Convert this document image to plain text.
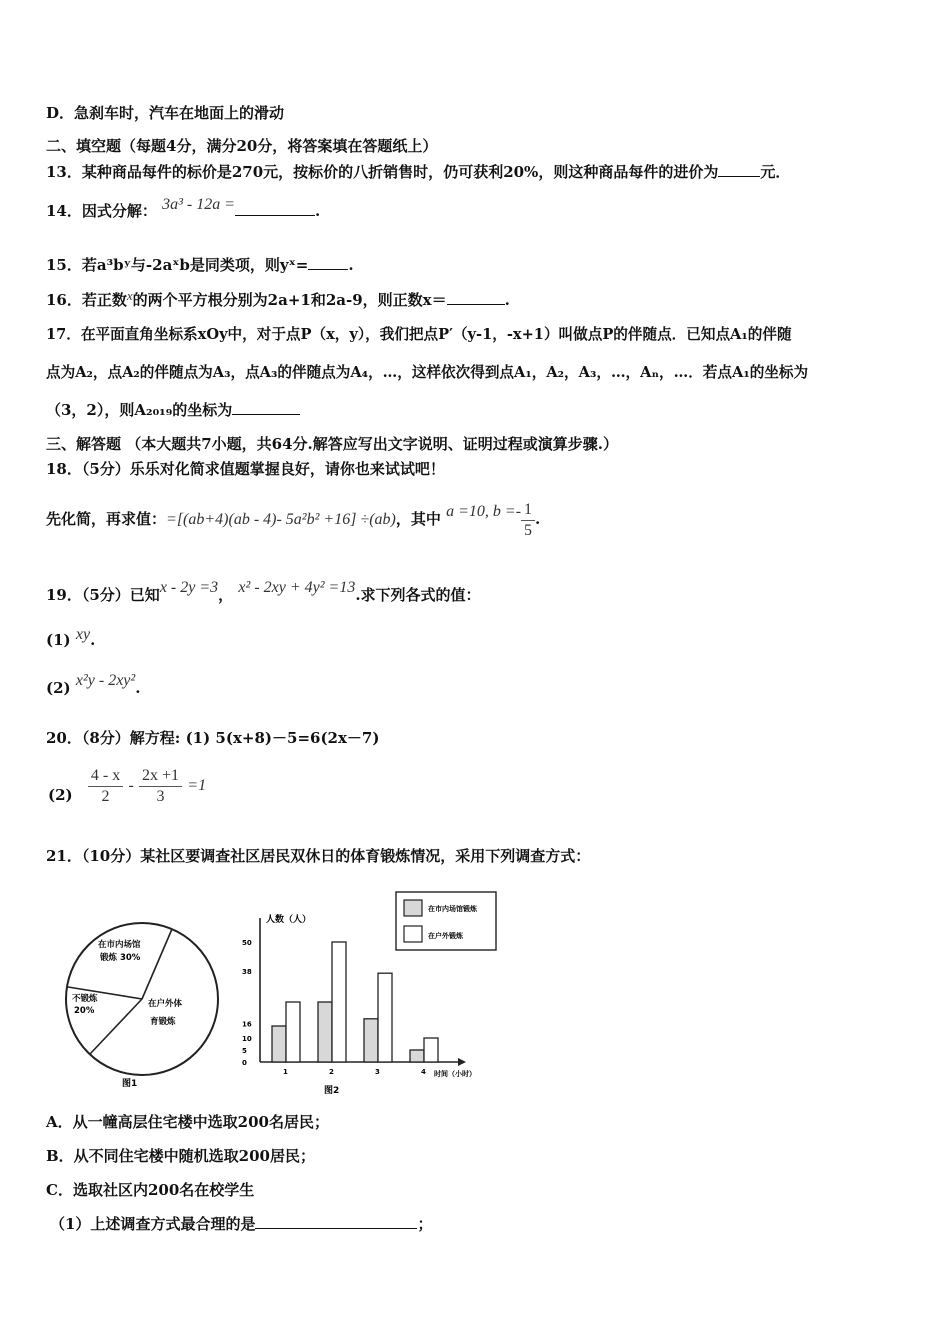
D．急刹车时，汽车在地面上的滑动
二、填空题（每题4分，满分20分，将答案填在答题纸上）
13．某种商品每件的标价是270元，按标价的八折销售时，仍可获利20%，则这种商品每件的进价为	元．
14．因式分解： 3a³ - 12a =	.
15．若a³bʸ与-2aˣb是同类项，则yˣ=	.
16．若正数x的两个平方根分别为2a+1和2a-9，则正数x＝	.
17．在平面直角坐标系xOy中，对于点P（x，y），我们把点P′（y-1，-x+1）叫做点P的伴随点．已知点A₁的伴随
点为A₂，点A₂的伴随点为A₃，点A₃的伴随点为A₄，…，这样依次得到点A₁，A₂，A₃，…，Aₙ，…．若点A₁的坐标为
（3，2），则A₂₀₁₉的坐标为
三、解答题 （本大题共7小题，共64分.解答应写出文字说明、证明过程或演算步骤.）
18．（5分）乐乐对化简求值题掌握良好，请你也来试试吧！
先化简，再求值：=[(ab+4)(ab - 4)- 5a²b² +16] ÷(ab)，其中 a =10, $b =- \frac{1}{5}$ .
19．（5分）已知x - 2y =3， x² - 2xy + 4y² =13.求下列各式的值：
(1) xy.
(2) x²y - 2xy².
20．（8分）解方程: (1) 5(x+8)－5=6(2x－7)
$(2) \frac{4 - x}{2} - \frac{2x +1}{3} =1$
21．（10分）某社区要调查社区居民双休日的体育锻炼情况，采用下列调查方式：
在市内场馆
锻炼 30%
不锻炼
20%
在户外体
育锻炼
图1
在市内场馆锻炼
在户外锻炼
人数（人）
时间（小时）
0
5
10
16
38
50
1	2	3	4
图2
A．从一幢高层住宅楼中选取200名居民；
B．从不同住宅楼中随机选取200居民；
C．选取社区内200名在校学生
（1）上述调查方式最合理的是	；
